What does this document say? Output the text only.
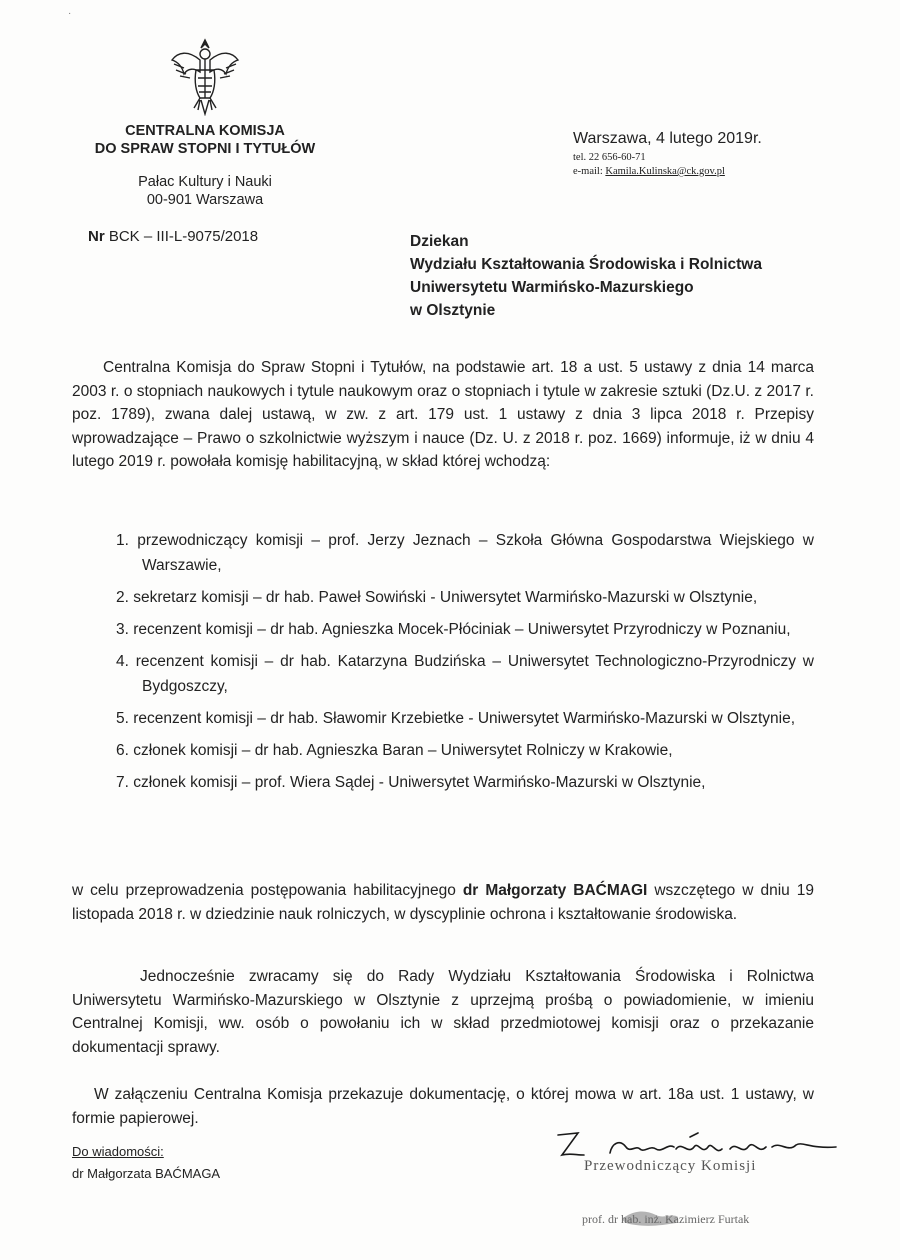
·
CENTRALNA KOMISJA
DO SPRAW STOPNI I TYTUŁÓW
Pałac Kultury i Nauki
00-901 Warszawa
Nr BCK – III-L-9075/2018
Warszawa, 4 lutego 2019r.
tel. 22 656-60-71
e-mail: Kamila.Kulinska@ck.gov.pl
Dziekan
Wydziału Kształtowania Środowiska i Rolnictwa
Uniwersytetu Warmińsko-Mazurskiego
w Olsztynie
Centralna Komisja do Spraw Stopni i Tytułów, na podstawie art. 18 a ust. 5 ustawy z dnia 14 marca 2003 r. o stopniach naukowych i tytule naukowym oraz o stopniach i tytule w zakresie sztuki (Dz.U. z 2017 r. poz. 1789), zwana dalej ustawą, w zw. z art. 179 ust. 1 ustawy z dnia 3 lipca 2018 r. Przepisy wprowadzające – Prawo o szkolnictwie wyższym i nauce (Dz. U. z 2018 r. poz. 1669) informuje, iż w dniu 4 lutego 2019 r. powołała komisję habilitacyjną, w skład której wchodzą:
1. przewodniczący komisji – prof. Jerzy Jeznach – Szkoła Główna Gospodarstwa Wiejskiego w Warszawie,
2. sekretarz komisji – dr hab. Paweł Sowiński - Uniwersytet Warmińsko-Mazurski w Olsztynie,
3. recenzent komisji – dr hab. Agnieszka Mocek-Płóciniak – Uniwersytet Przyrodniczy w Poznaniu,
4. recenzent komisji – dr hab. Katarzyna Budzińska – Uniwersytet Technologiczno-Przyrodniczy w Bydgoszczy,
5. recenzent komisji – dr hab. Sławomir Krzebietke - Uniwersytet Warmińsko-Mazurski w Olsztynie,
6. członek komisji – dr hab. Agnieszka Baran – Uniwersytet Rolniczy w Krakowie,
7. członek komisji – prof. Wiera Sądej - Uniwersytet Warmińsko-Mazurski w Olsztynie,
w celu przeprowadzenia postępowania habilitacyjnego dr Małgorzaty BAĆMAGI wszczętego w dniu 19 listopada 2018 r. w dziedzinie nauk rolniczych, w dyscyplinie ochrona i kształtowanie środowiska.
Jednocześnie zwracamy się do Rady Wydziału Kształtowania Środowiska i Rolnictwa Uniwersytetu Warmińsko-Mazurskiego w Olsztynie z uprzejmą prośbą o powiadomienie, w imieniu Centralnej Komisji, ww. osób o powołaniu ich w skład przedmiotowej komisji oraz o przekazanie dokumentacji sprawy.
W załączeniu Centralna Komisja przekazuje dokumentację, o której mowa w art. 18a ust. 1 ustawy, w formie papierowej.
Do wiadomości:
dr Małgorzata BAĆMAGA	Przewodniczący Komisji
prof. dr hab. inż. Kazimierz Furtak
